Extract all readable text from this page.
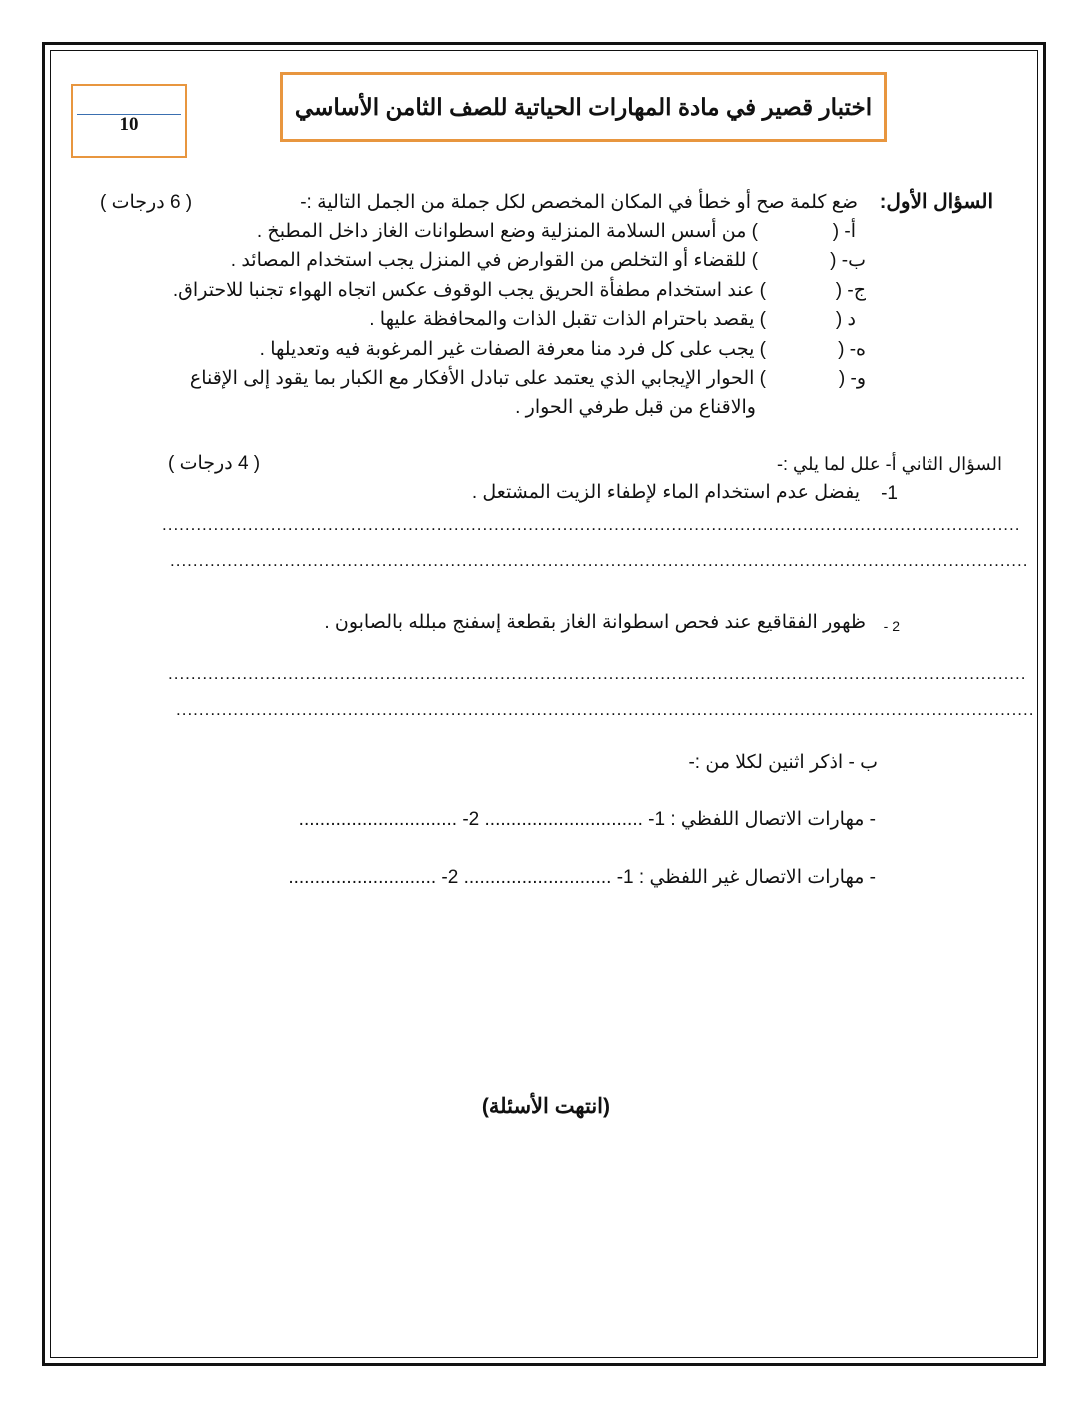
10
اختبار قصير في مادة المهارات الحياتية للصف الثامن الأساسي
السؤال الأول:
ضع كلمة صح أو خطأ في المكان المخصص لكل جملة من الجمل التالية :-
( 6 درجات )
أ- (
) من أسس السلامة المنزلية وضع اسطوانات الغاز داخل المطبخ .
ب- (
) للقضاء أو التخلص من القوارض في المنزل يجب استخدام المصائد .
ج- (
) عند استخدام مطفأة الحريق يجب الوقوف عكس اتجاه الهواء تجنبا للاحتراق.
د (
) يقصد باحترام الذات تقبل الذات والمحافظة عليها .
ه- (
) يجب على كل فرد منا معرفة الصفات غير المرغوبة فيه وتعديلها .
و- (
) الحوار الإيجابي الذي يعتمد على تبادل الأفكار مع الكبار بما يقود إلى الإقناع
والاقناع من قبل طرفي الحوار .
السؤال الثاني أ- علل لما يلي :-
( 4 درجات )
1-
يفضل عدم استخدام الماء لإطفاء الزيت المشتعل .
......................................................................................................................................................
......................................................................................................................................................
2 -
ظهور الفقاقيع عند فحص اسطوانة الغاز بقطعة إسفنج مبلله بالصابون .
......................................................................................................................................................
......................................................................................................................................................
ب - اذكر اثنين لكلا من :-
- مهارات الاتصال اللفظي : 1- .............................. 2- ..............................
- مهارات الاتصال غير اللفظي : 1- ............................ 2- ............................
(انتهت الأسئلة)
